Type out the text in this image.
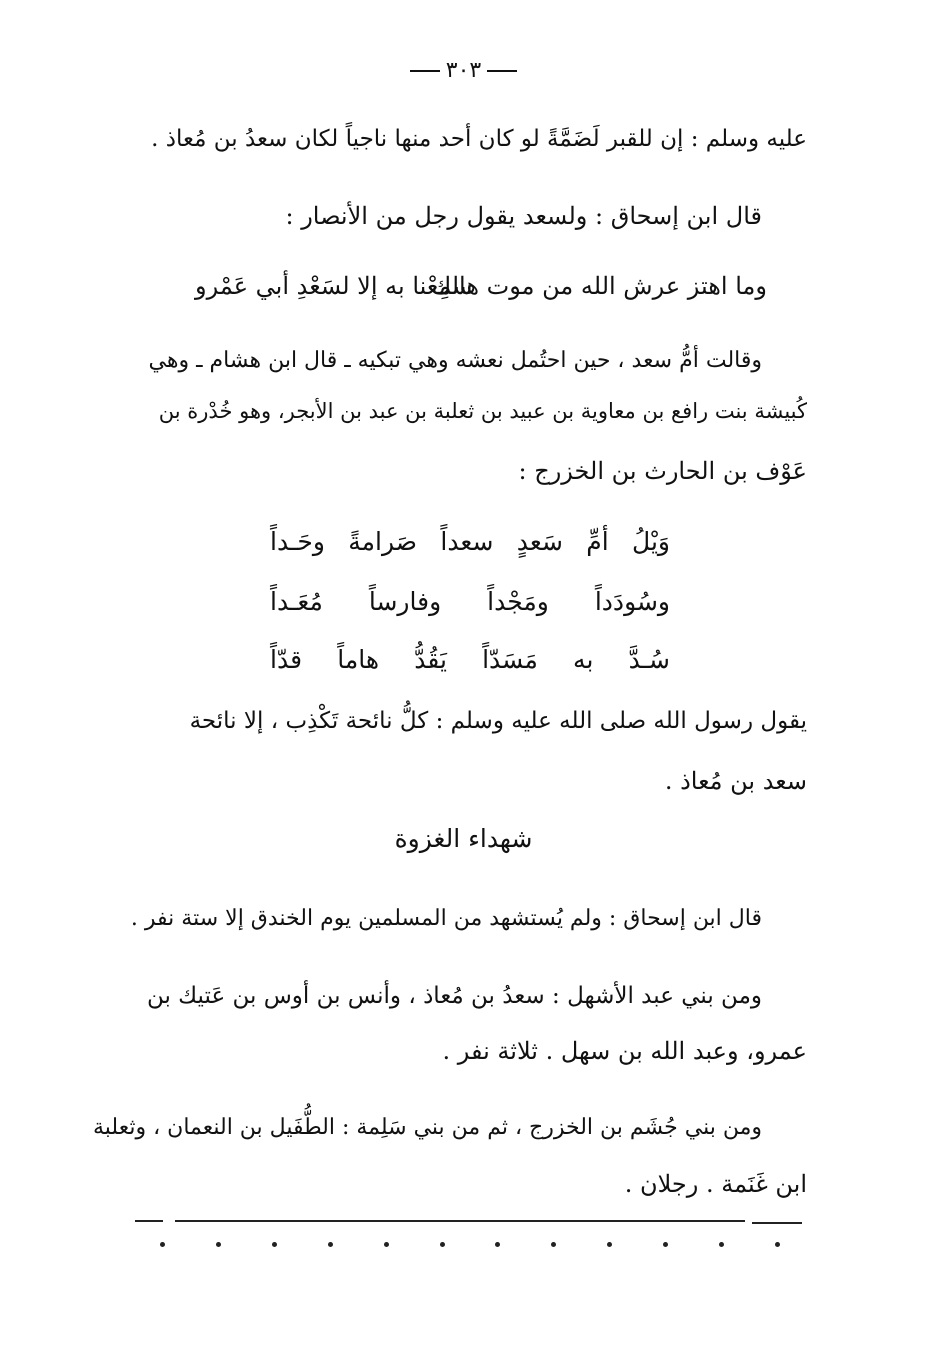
٣٠٣
عليه وسلم : إن للقبر لَضَمَّةً لو كان أحد منها ناجياً لكان سعدُ بن مُعاذ .
قال ابن إسحاق : ولسعد يقول رجل من الأنصار :
وما اهتز عرش الله من موت هالك
سمِعْنا به إلا لسَعْدِ أبي عَمْرو
وقالت أمُّ سعد ، حين احتُمل نعشه وهي تبكيه ـ قال ابن هشام ـ وهي
كُبيشة بنت رافع بن معاوية بن عبيد بن ثعلبة بن عبد بن الأبجر، وهو خُدْرة بن
عَوْف بن الحارث بن الخزرج :
وَيْلُ أمِّ سَعدٍ سعداً صَرامةً وحَـداً
وسُودَداً ومَجْداً وفارساً مُعَـداً
سُـدَّ به مَسَدّاً يَقُدُّ هاماً قدّاً
يقول رسول الله صلى الله عليه وسلم : كلُّ نائحة تَكْذِب ، إلا نائحة
سعد بن مُعاذ .
شهداء الغزوة
قال ابن إسحاق : ولم يُستشهد من المسلمين يوم الخندق إلا ستة نفر .
ومن بني عبد الأشهل : سعدُ بن مُعاذ ، وأنس بن أوس بن عَتيك بن
عمرو، وعبد الله بن سهل . ثلاثة نفر .
ومن بني جُشَم بن الخزرج ، ثم من بني سَلِمة : الطُّفَيل بن النعمان ، وثعلبة
ابن غَنَمة . رجلان .
